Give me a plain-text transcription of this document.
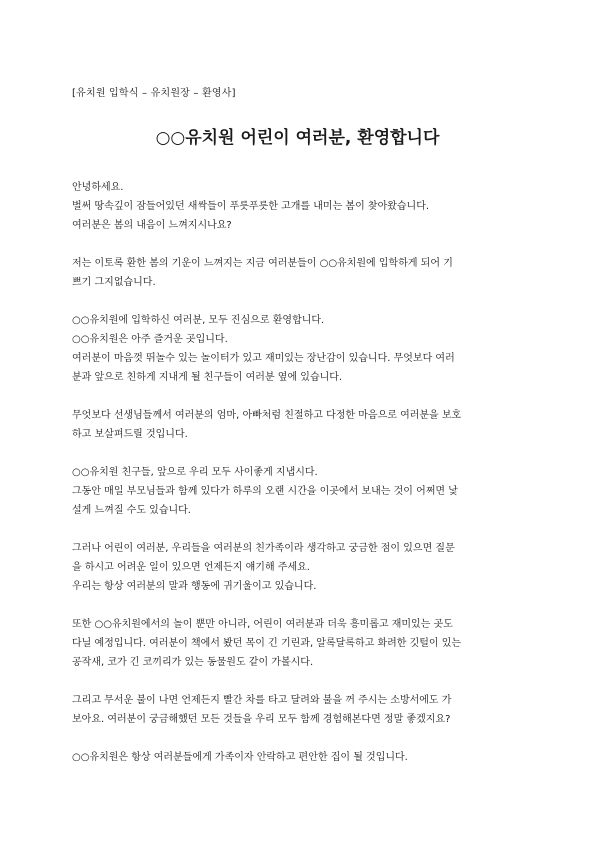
[유치원 입학식 – 유치원장 – 환영사]
○○유치원 어린이 여러분, 환영합니다
안녕하세요.
벌써 땅속깊이 잠들어있던 새싹들이 푸릇푸릇한 고개를 내미는 봄이 찾아왔습니다.
여러분은 봄의 내음이 느껴지시나요?
저는 이토록 환한 봄의 기운이 느껴지는 지금 여러분들이 ○○유치원에 입학하게 되어 기
쁘기 그지없습니다.
○○유치원에 입학하신 여러분, 모두 진심으로 환영합니다.
○○유치원은 아주 즐거운 곳입니다.
여러분이 마음껏 뛰놀수 있는 놀이터가 있고 재미있는 장난감이 있습니다. 무엇보다 여러
분과 앞으로 친하게 지내게 될 친구들이 여러분 옆에 있습니다.
무엇보다 선생님들께서 여러분의 엄마, 아빠처럼 친절하고 다정한 마음으로 여러분을 보호
하고 보살펴드릴 것입니다.
○○유치원 친구들, 앞으로 우리 모두 사이좋게 지냅시다.
그동안 매일 부모님들과 함께 있다가 하루의 오랜 시간을 이곳에서 보내는 것이 어쩌면 낯
설게 느껴질 수도 있습니다.
그러나 어린이 여러분, 우리들을 여러분의 친가족이라 생각하고 궁금한 점이 있으면 질문
을 하시고 어려운 일이 있으면 언제든지 얘기해 주세요.
우리는 항상 여러분의 말과 행동에 귀기울이고 있습니다.
또한 ○○유치원에서의 놀이 뿐만 아니라, 어린이 여러분과 더욱 흥미롭고 재미있는 곳도
다닐 예정입니다. 여러분이 책에서 봤던 목이 긴 기린과, 알록달록하고 화려한 깃털이 있는
공작새, 코가 긴 코끼리가 있는 동물원도 같이 가볼시다.
그리고 무서운 불이 나면 언제든지 빨간 차를 타고 달려와 불을 꺼 주시는 소방서에도 가
보아요. 여러분이 궁금해했던 모든 것들을 우리 모두 함께 경험해본다면 정말 좋겠지요?
○○유치원은 항상 여러분들에게 가족이자 안락하고 편안한 집이 될 것입니다.
